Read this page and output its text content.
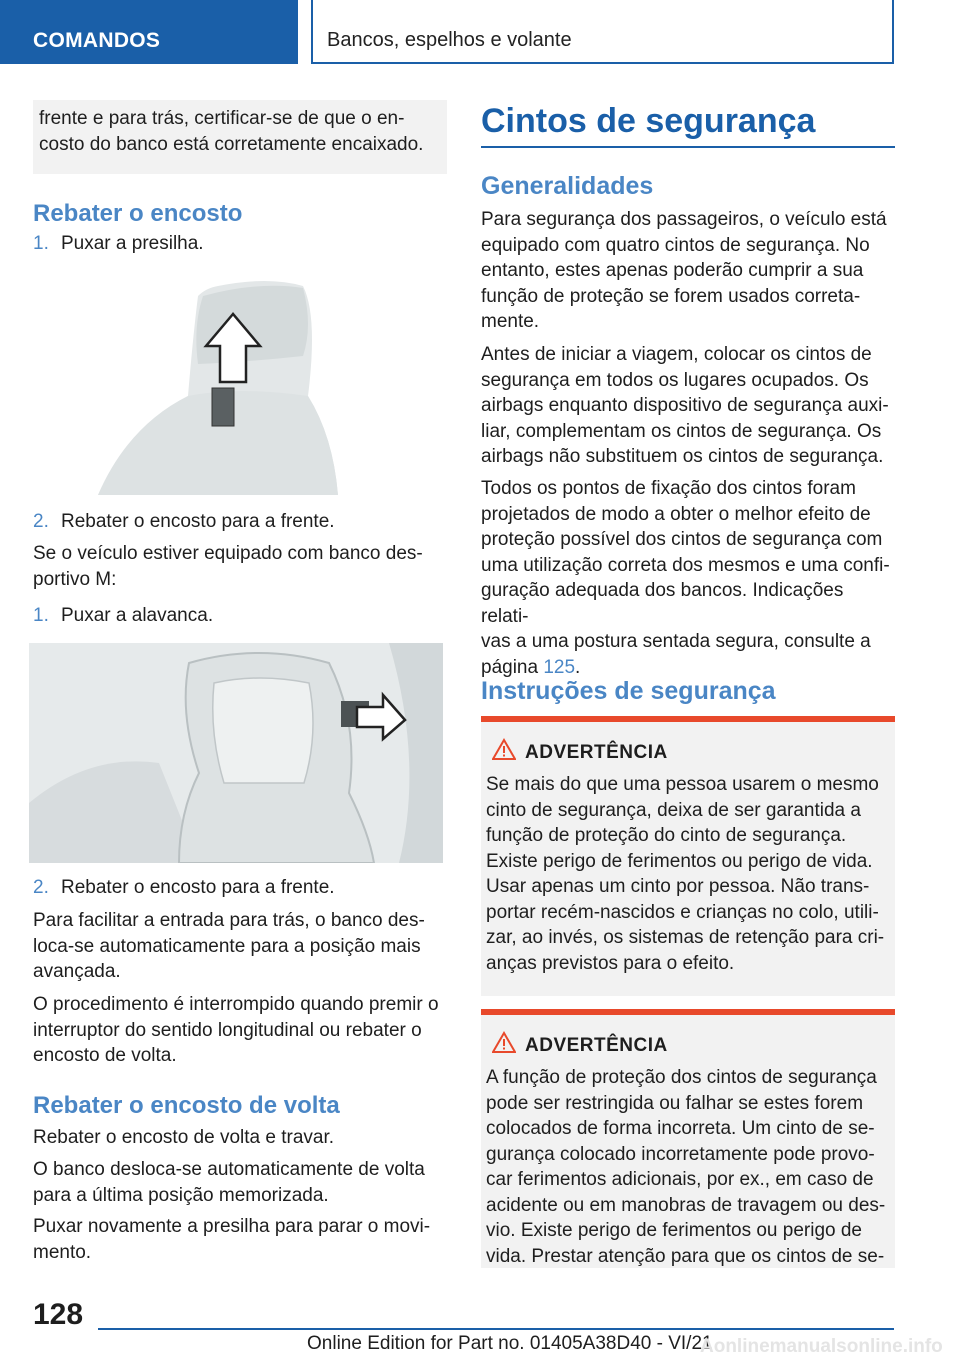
COMANDOS	Bancos, espelhos e volante
frente e para trás, certificar-se de que o en-
costo do banco está corretamente encaixado.
Rebater o encosto
1. Puxar a presilha.
2. Rebater o encosto para a frente.
Se o veículo estiver equipado com banco des-
portivo M:
1. Puxar a alavanca.
2. Rebater o encosto para a frente.
Para facilitar a entrada para trás, o banco des-
loca-se automaticamente para a posição mais
avançada.
O procedimento é interrompido quando premir o
interruptor do sentido longitudinal ou rebater o
encosto de volta.
Rebater o encosto de volta
Rebater o encosto de volta e travar.
O banco desloca-se automaticamente de volta
para a última posição memorizada.
Puxar novamente a presilha para parar o movi-
mento.
Cintos de segurança
Generalidades
Para segurança dos passageiros, o veículo está
equipado com quatro cintos de segurança. No
entanto, estes apenas poderão cumprir a sua
função de proteção se forem usados correta-
mente.
Antes de iniciar a viagem, colocar os cintos de
segurança em todos os lugares ocupados. Os
airbags enquanto dispositivo de segurança auxi-
liar, complementam os cintos de segurança. Os
airbags não substituem os cintos de segurança.
Todos os pontos de fixação dos cintos foram
projetados de modo a obter o melhor efeito de
proteção possível dos cintos de segurança com
uma utilização correta dos mesmos e uma confi-
guração adequada dos bancos. Indicações relati-
vas a uma postura sentada segura, consulte a
página 125.
Instruções de segurança
ADVERTÊNCIA
Se mais do que uma pessoa usarem o mesmo
cinto de segurança, deixa de ser garantida a
função de proteção do cinto de segurança.
Existe perigo de ferimentos ou perigo de vida.
Usar apenas um cinto por pessoa. Não trans-
portar recém-nascidos e crianças no colo, utili-
zar, ao invés, os sistemas de retenção para cri-
anças previstos para o efeito.
ADVERTÊNCIA
A função de proteção dos cintos de segurança
pode ser restringida ou falhar se estes forem
colocados de forma incorreta. Um cinto de se-
gurança colocado incorretamente pode provo-
car ferimentos adicionais, por ex., em caso de
acidente ou em manobras de travagem ou des-
vio. Existe perigo de ferimentos ou perigo de
vida. Prestar atenção para que os cintos de se-
128
Online Edition for Part no. 01405A38D40 - VI/21
Aonlinemanualsonline.info
